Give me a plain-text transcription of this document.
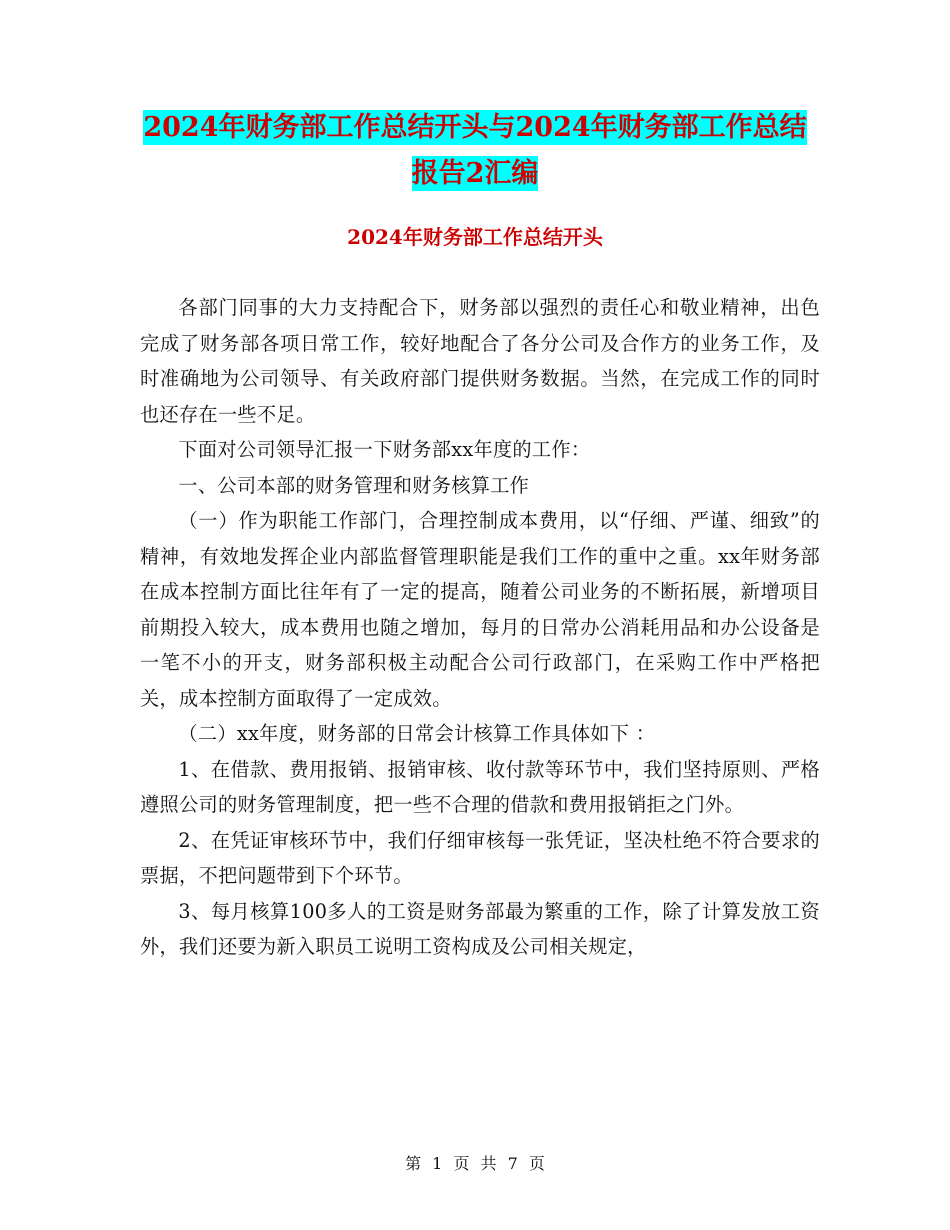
2024年财务部工作总结开头与2024年财务部工作总结
报告2汇编
2024年财务部工作总结开头

各部门同事的大力支持配合下，财务部以强烈的责任心和敬业精神，出色完成了财务部各项日常工作，较好地配合了各分公司及合作方的业务工作，及时准确地为公司领导、有关政府部门提供财务数据。当然，在完成工作的同时也还存在一些不足。

下面对公司领导汇报一下财务部xx年度的工作：

一、公司本部的财务管理和财务核算工作

（一）作为职能工作部门，合理控制成本费用，以“仔细、严谨、细致”的精神，有效地发挥企业内部监督管理职能是我们工作的重中之重。xx年财务部在成本控制方面比往年有了一定的提高，随着公司业务的不断拓展，新增项目前期投入较大，成本费用也随之增加，每月的日常办公消耗用品和办公设备是一笔不小的开支，财务部积极主动配合公司行政部门，在采购工作中严格把关，成本控制方面取得了一定成效。

（二）xx年度，财务部的日常会计核算工作具体如下 ：

1、在借款、费用报销、报销审核、收付款等环节中，我们坚持原则、严格遵照公司的财务管理制度，把一些不合理的借款和费用报销拒之门外。

2、在凭证审核环节中，我们仔细审核每一张凭证，坚决杜绝不符合要求的票据，不把问题带到下个环节。

3、每月核算100多人的工资是财务部最为繁重的工作，除了计算发放工资外，我们还要为新入职员工说明工资构成及公司相关规定，

第 1 页 共 7 页
